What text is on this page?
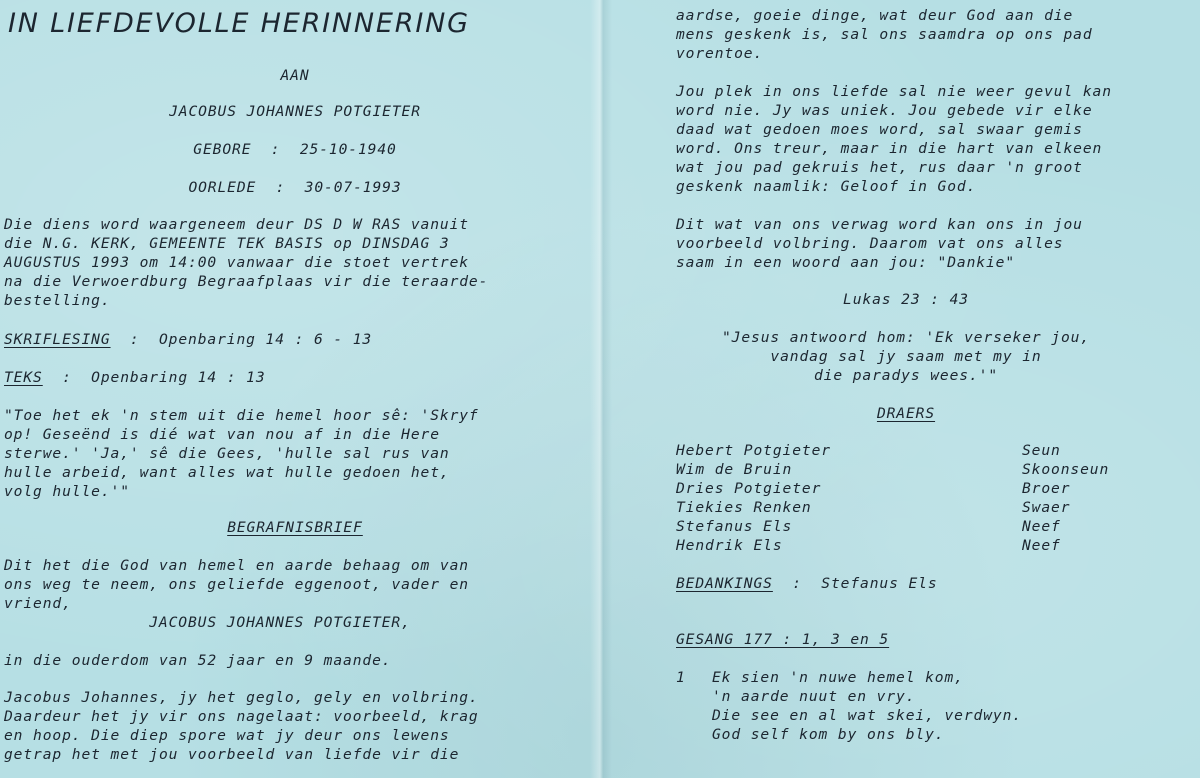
IN LIEFDEVOLLE HERINNERING
AAN
JACOBUS JOHANNES POTGIETER
GEBORE  :  25-10-1940
OORLEDE  :  30-07-1993
Die diens word waargeneem deur DS D W RAS vanuit
die N.G. KERK, GEMEENTE TEK BASIS op DINSDAG 3
AUGUSTUS 1993 om 14:00 vanwaar die stoet vertrek
na die Verwoerdburg Begraafplaas vir die teraarde-
bestelling.
SKRIFLESING  :  Openbaring 14 : 6 - 13
TEKS  :  Openbaring 14 : 13
"Toe het ek 'n stem uit die hemel hoor sê: 'Skryf
op! Geseënd is dié wat van nou af in die Here
sterwe.' 'Ja,' sê die Gees, 'hulle sal rus van
hulle arbeid, want alles wat hulle gedoen het,
volg hulle.'"
BEGRAFNISBRIEF
Dit het die God van hemel en aarde behaag om van
ons weg te neem, ons geliefde eggenoot, vader en
vriend,
JACOBUS JOHANNES POTGIETER,
in die ouderdom van 52 jaar en 9 maande.
Jacobus Johannes, jy het geglo, gely en volbring.
Daardeur het jy vir ons nagelaat: voorbeeld, krag
en hoop. Die diep spore wat jy deur ons lewens
getrap het met jou voorbeeld van liefde vir die
aardse, goeie dinge, wat deur God aan die
mens geskenk is, sal ons saamdra op ons pad
vorentoe.
Jou plek in ons liefde sal nie weer gevul kan
word nie. Jy was uniek. Jou gebede vir elke
daad wat gedoen moes word, sal swaar gemis
word. Ons treur, maar in die hart van elkeen
wat jou pad gekruis het, rus daar 'n groot
geskenk naamlik: Geloof in God.
Dit wat van ons verwag word kan ons in jou
voorbeeld volbring. Daarom vat ons alles
saam in een woord aan jou: "Dankie"
Lukas 23 : 43
"Jesus antwoord hom: 'Ek verseker jou,
vandag sal jy saam met my in
die paradys wees.'"
DRAERS
Hebert Potgieter	Seun
Wim de Bruin	Skoonseun
Dries Potgieter	Broer
Tiekies Renken	Swaer
Stefanus Els	Neef
Hendrik Els	Neef
BEDANKINGS  :  Stefanus Els
GESANG 177 : 1, 3 en 5
1 Ek sien 'n nuwe hemel kom,
'n aarde nuut en vry.
Die see en al wat skei, verdwyn.
God self kom by ons bly.
